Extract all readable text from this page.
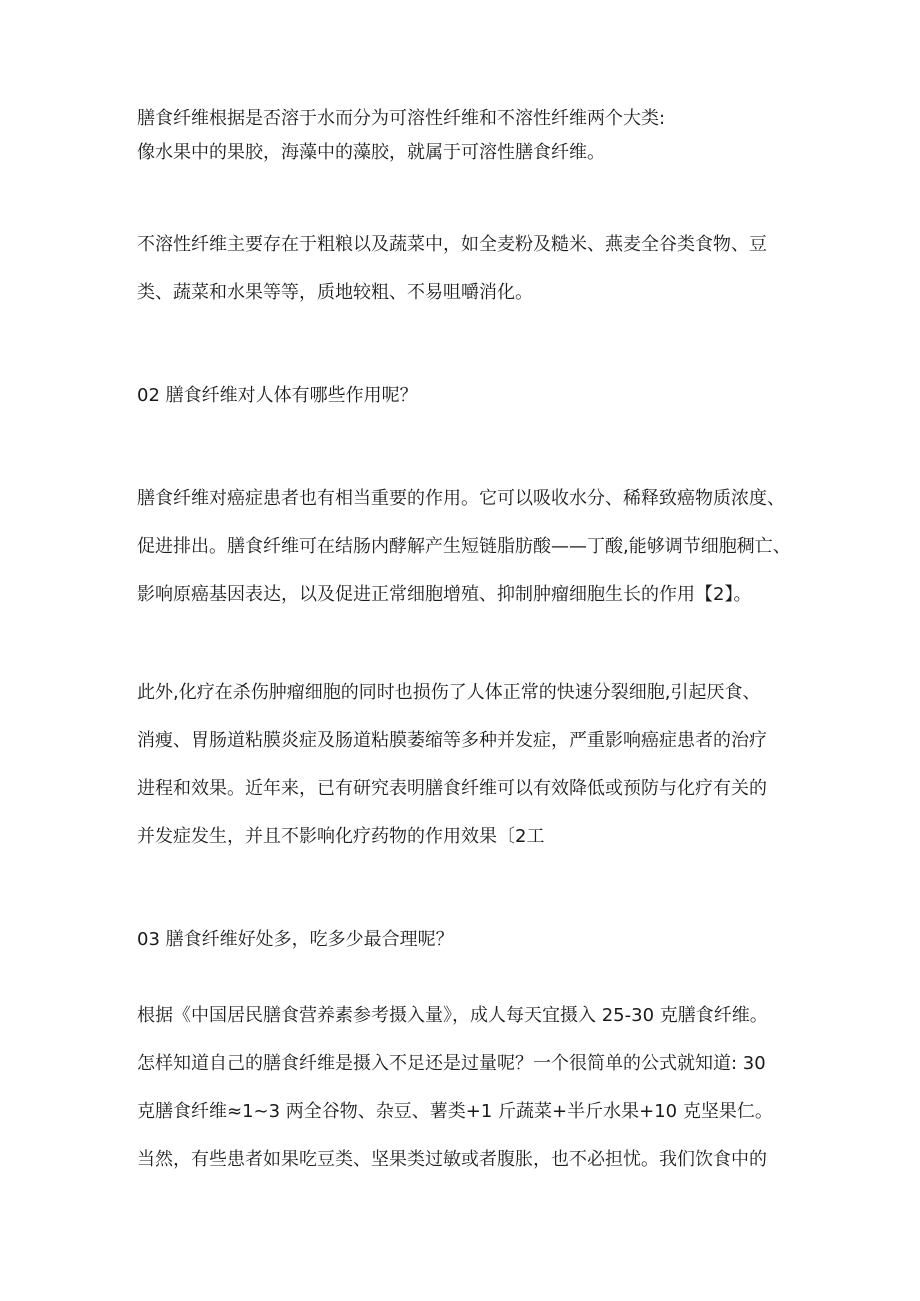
膳食纤维根据是否溶于水而分为可溶性纤维和不溶性纤维两个大类:
像水果中的果胶，海藻中的藻胶，就属于可溶性膳食纤维。
不溶性纤维主要存在于粗粮以及蔬菜中，如全麦粉及糙米、燕麦全谷类食物、豆
类、蔬菜和水果等等，质地较粗、不易咀嚼消化。
02 膳食纤维对人体有哪些作用呢？
膳食纤维对癌症患者也有相当重要的作用。它可以吸收水分、稀释致癌物质浓度、
促进排出。膳食纤维可在结肠内酵解产生短链脂肪酸——丁酸,能够调节细胞稠亡、
影响原癌基因表达，以及促进正常细胞增殖、抑制肿瘤细胞生长的作用【2】。
此外,化疗在杀伤肿瘤细胞的同时也损伤了人体正常的快速分裂细胞,引起厌食、
消瘦、胃肠道粘膜炎症及肠道粘膜萎缩等多种并发症，严重影响癌症患者的治疗
进程和效果。近年来，已有研究表明膳食纤维可以有效降低或预防与化疗有关的
并发症发生，并且不影响化疗药物的作用效果〔2工
03 膳食纤维好处多，吃多少最合理呢？
根据《中国居民膳食营养素参考摄入量》，成人每天宜摄入 25-30 克膳食纤维。
怎样知道自己的膳食纤维是摄入不足还是过量呢？一个很简单的公式就知道: 30
克膳食纤维≈1~3 两全谷物、杂豆、薯类+1 斤蔬菜+半斤水果+10 克坚果仁。
当然，有些患者如果吃豆类、坚果类过敏或者腹胀，也不必担忧。我们饮食中的
